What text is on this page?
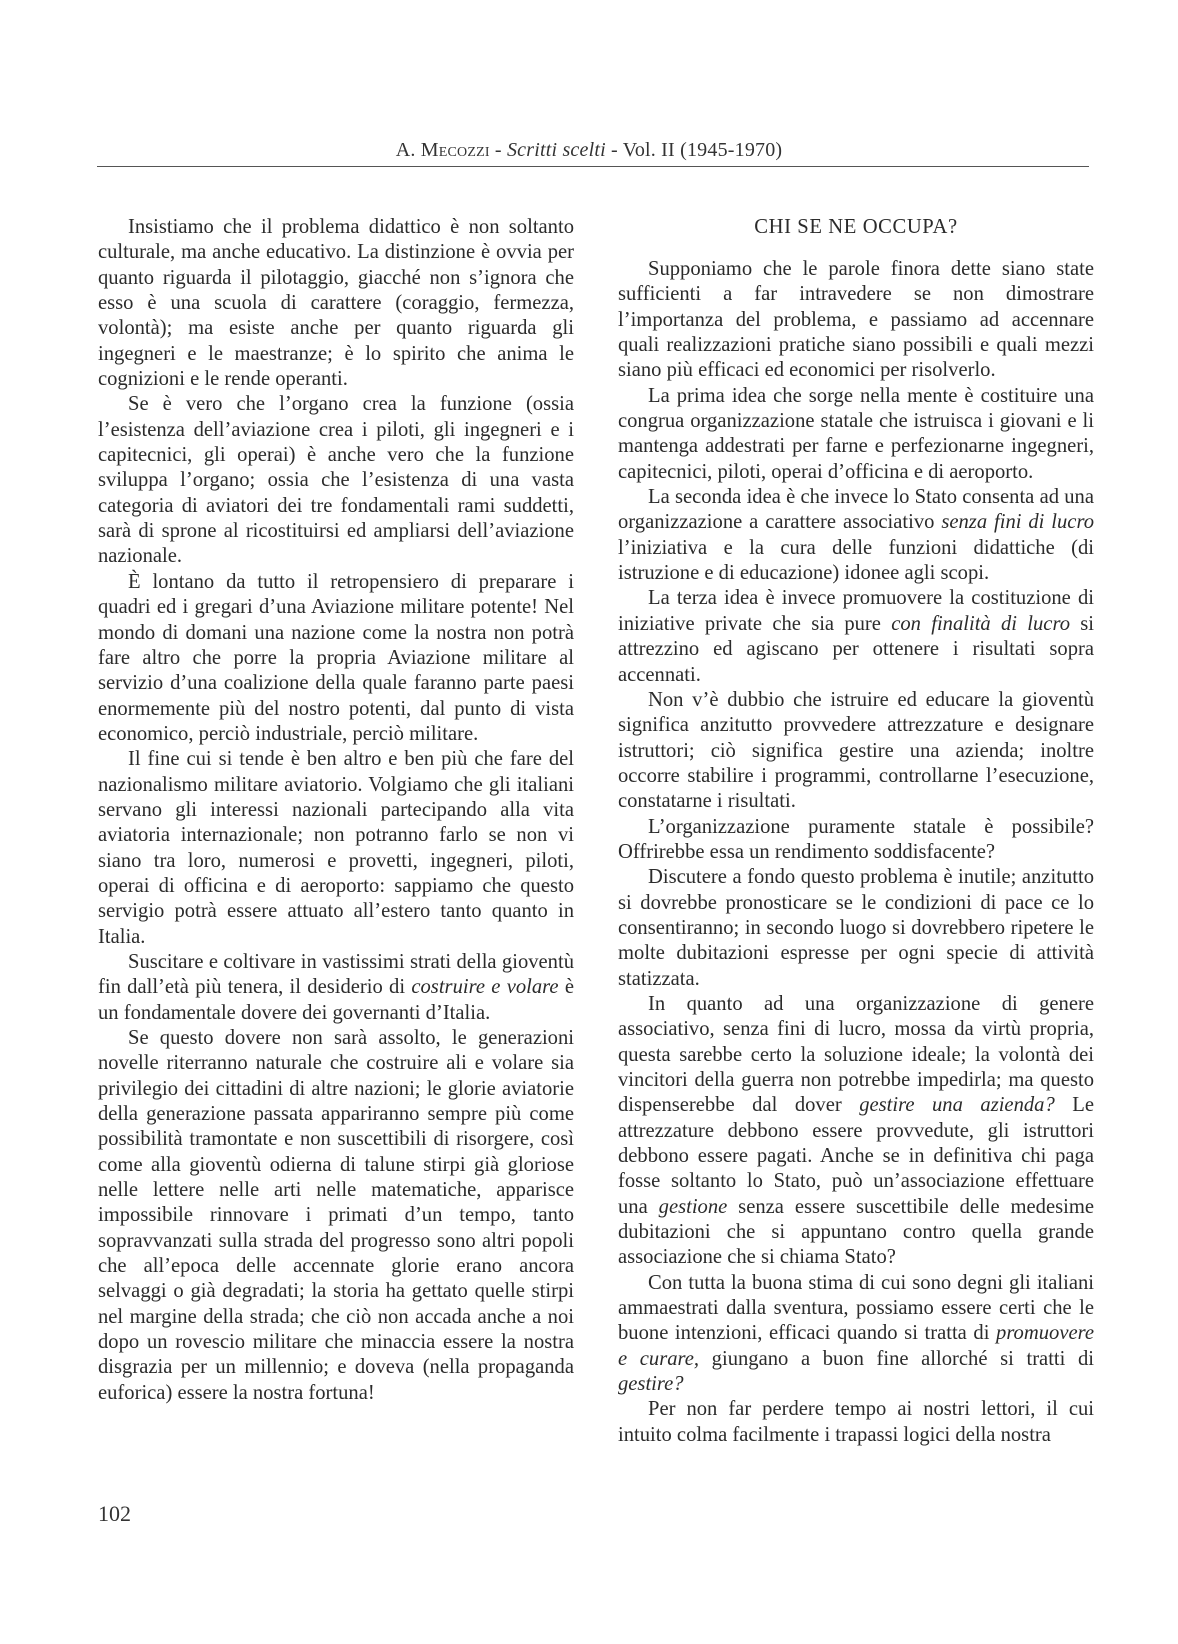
A. Mecozzi - Scritti scelti - Vol. II (1945-1970)

Insistiamo che il problema didattico è non soltanto culturale, ma anche educativo. La distinzione è ovvia per quanto riguarda il pilotaggio, giacché non s’ignora che esso è una scuola di carattere (coraggio, fermezza, volontà); ma esiste anche per quanto riguarda gli ingegneri e le maestranze; è lo spirito che anima le cognizioni e le rende operanti.

Se è vero che l’organo crea la funzione (ossia l’esistenza dell’aviazione crea i piloti, gli ingegneri e i capitecnici, gli operai) è anche vero che la funzione sviluppa l’organo; ossia che l’esistenza di una vasta categoria di aviatori dei tre fondamentali rami suddetti, sarà di sprone al ricostituirsi ed ampliarsi dell’aviazione nazionale.

È lontano da tutto il retropensiero di preparare i quadri ed i gregari d’una Aviazione militare potente! Nel mondo di domani una nazione come la nostra non potrà fare altro che porre la propria Aviazione militare al servizio d’una coalizione della quale faranno parte paesi enormemente più del nostro potenti, dal punto di vista economico, perciò industriale, perciò militare.

Il fine cui si tende è ben altro e ben più che fare del nazionalismo militare aviatorio. Volgiamo che gli italiani servano gli interessi nazionali partecipando alla vita aviatoria internazionale; non potranno farlo se non vi siano tra loro, numerosi e provetti, ingegneri, piloti, operai di officina e di aeroporto: sappiamo che questo servigio potrà essere attuato all’estero tanto quanto in Italia.

Suscitare e coltivare in vastissimi strati della gioventù fin dall’età più tenera, il desiderio di costruire e volare è un fondamentale dovere dei governanti d’Italia.

Se questo dovere non sarà assolto, le generazioni novelle riterranno naturale che costruire ali e volare sia privilegio dei cittadini di altre nazioni; le glorie aviatorie della generazione passata appariranno sempre più come possibilità tramontate e non suscettibili di risorgere, così come alla gioventù odierna di talune stirpi già gloriose nelle lettere nelle arti nelle matematiche, apparisce impossibile rinnovare i primati d’un tempo, tanto sopravvanzati sulla strada del progresso sono altri popoli che all’epoca delle accennate glorie erano ancora selvaggi o già degradati; la storia ha gettato quelle stirpi nel margine della strada; che ciò non accada anche a noi dopo un rovescio militare che minaccia essere la nostra disgrazia per un millennio; e doveva (nella propaganda euforica) essere la nostra fortuna!

CHI SE NE OCCUPA?

Supponiamo che le parole finora dette siano state sufficienti a far intravedere se non dimostrare l’importanza del problema, e passiamo ad accennare quali realizzazioni pratiche siano possibili e quali mezzi siano più efficaci ed economici per risolverlo.

La prima idea che sorge nella mente è costituire una congrua organizzazione statale che istruisca i giovani e li mantenga addestrati per farne e perfezionarne ingegneri, capitecnici, piloti, operai d’officina e di aeroporto.

La seconda idea è che invece lo Stato consenta ad una organizzazione a carattere associativo senza fini di lucro l’iniziativa e la cura delle funzioni didattiche (di istruzione e di educazione) idonee agli scopi.

La terza idea è invece promuovere la costituzione di iniziative private che sia pure con finalità di lucro si attrezzino ed agiscano per ottenere i risultati sopra accennati.

Non v’è dubbio che istruire ed educare la gioventù significa anzitutto provvedere attrezzature e designare istruttori; ciò significa gestire una azienda; inoltre occorre stabilire i programmi, controllarne l’esecuzione, constatarne i risultati.

L’organizzazione puramente statale è possibile? Offrirebbe essa un rendimento soddisfacente?

Discutere a fondo questo problema è inutile; anzitutto si dovrebbe pronosticare se le condizioni di pace ce lo consentiranno; in secondo luogo si dovrebbero ripetere le molte dubitazioni espresse per ogni specie di attività statizzata.

In quanto ad una organizzazione di genere associativo, senza fini di lucro, mossa da virtù propria, questa sarebbe certo la soluzione ideale; la volontà dei vincitori della guerra non potrebbe impedirla; ma questo dispenserebbe dal dover gestire una azienda? Le attrezzature debbono essere provvedute, gli istruttori debbono essere pagati. Anche se in definitiva chi paga fosse soltanto lo Stato, può un’associazione effettuare una gestione senza essere suscettibile delle medesime dubitazioni che si appuntano contro quella grande associazione che si chiama Stato?

Con tutta la buona stima di cui sono degni gli italiani ammaestrati dalla sventura, possiamo essere certi che le buone intenzioni, efficaci quando si tratta di promuovere e curare, giungano a buon fine allorché si tratti di gestire?

Per non far perdere tempo ai nostri lettori, il cui intuito colma facilmente i trapassi logici della nostra

102
